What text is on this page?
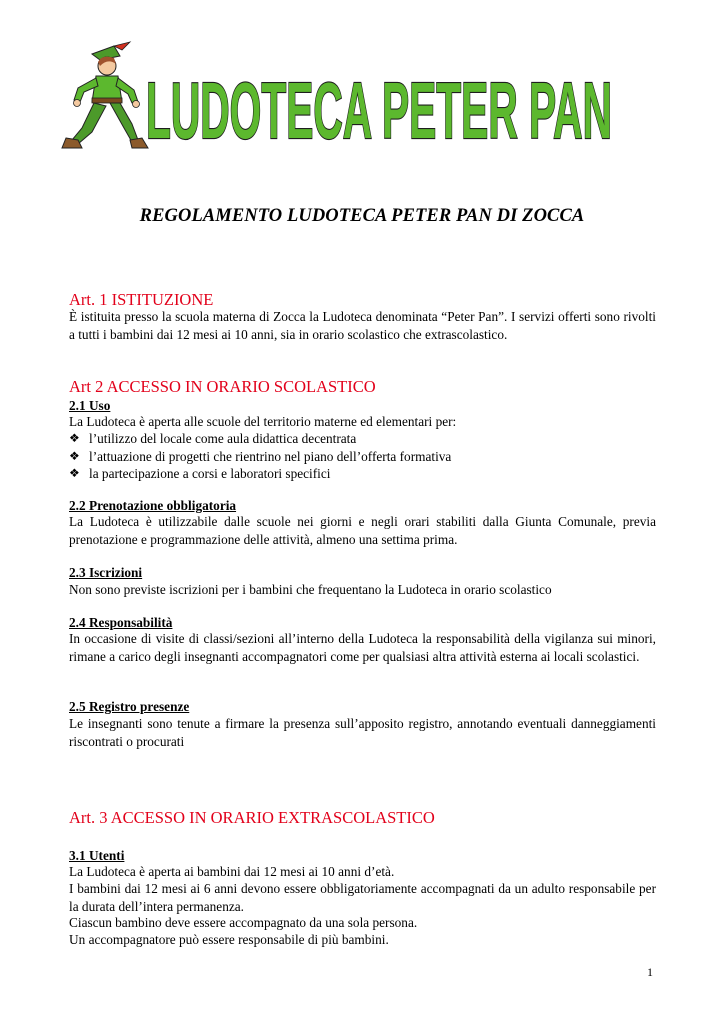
LUDOTECA PETER PAN
REGOLAMENTO LUDOTECA PETER PAN DI ZOCCA
Art. 1 ISTITUZIONE

È istituita presso la scuola materna di Zocca la Ludoteca denominata “Peter Pan”. I servizi offerti sono rivolti a tutti i bambini dai 12 mesi ai 10 anni, sia in orario scolastico che extrascolastico.

Art 2 ACCESSO IN ORARIO SCOLASTICO
2.1 Uso

La Ludoteca è aperta alle scuole del territorio materne ed elementari per:

❖ l’utilizzo del locale come aula didattica decentrata
❖ l’attuazione di progetti che rientrino nel piano dell’offerta formativa
❖ la partecipazione a corsi e laboratori specifici
2.2 Prenotazione obbligatoria

La Ludoteca è utilizzabile dalle scuole nei giorni e negli orari stabiliti dalla Giunta Comunale, previa prenotazione e programmazione delle attività, almeno una settima prima.

2.3 Iscrizioni

Non sono previste iscrizioni per i bambini che frequentano la Ludoteca in orario scolastico

2.4 Responsabilità

In occasione di visite di classi/sezioni all’interno della Ludoteca la responsabilità della vigilanza sui minori, rimane a carico degli insegnanti accompagnatori come per qualsiasi altra attività esterna ai locali scolastici.

2.5 Registro presenze

Le insegnanti sono tenute a firmare la presenza sull’apposito registro, annotando eventuali danneggiamenti riscontrati o procurati

Art. 3 ACCESSO IN ORARIO EXTRASCOLASTICO
3.1 Utenti

La Ludoteca è aperta ai bambini dai 12 mesi ai 10 anni d’età.

I bambini dai 12 mesi ai 6 anni devono essere obbligatoriamente accompagnati da un adulto responsabile per la durata dell’intera permanenza.

Ciascun bambino deve essere accompagnato da una sola persona.

Un accompagnatore può essere responsabile di più bambini.

1
